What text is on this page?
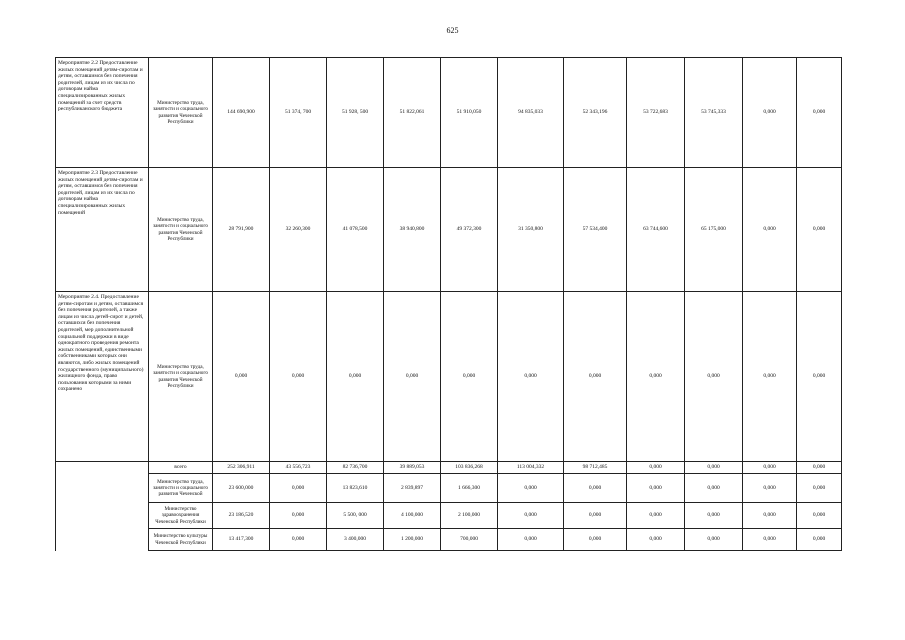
625
Мероприятие 2.2 Предоставление жилых помещений детям-сиротам и детям, оставшимся без попечения родителей, лицам из их числа по договорам найма специализированных жилых помещений за счет средств республиканского бюджета	Министерство труда, занятости и социального развития Чеченской Республики	144 690,900	51 374, 700	51 928, 500	51 822,061	51 910,050	94 835,033	52 343,196	53 722,683	53 745,333	0,000	0,000
Мероприятие 2.3 Предоставление жилых помещений детям-сиротам и детям, оставшимся без попечения родителей, лицам из их числа по договорам найма специализированных жилых помещений	Министерство труда, занятости и социального развития Чеченской Республики	28 791,900	32 260,300	41 078,500	38 940,800	49 372,300	31 350,800	57 534,400	63 744,600	65 175,000	0,000	0,000
Мероприятие 2.4. Предоставление детям-сиротам и детям, оставшимся без попечения родителей, а также лицам из числа детей-сирот и детей, оставшихся без попечения родителей, мер дополнительной социальной поддержки в виде однократного проведения ремонта жилых помещений, единственными собственниками которых они являются, либо жилых помещений государственного (муниципального) жилищного фонда, право пользования которыми за ними сохранено	Министерство труда, занятости и социального развития Чеченской Республики	0,000	0,000	0,000	0,000	0,000	0,000	0,000	0,000	0,000	0,000	0,000
	всего	252 306,911	43 556,723	82 736,700	39 889,053	103 836,268	113 004,332	98 712,485	0,000	0,000	0,000	0,000
	Министерство труда, занятости и социального развития Чеченской	23 600,000	0,000	13 823,610	2 839,897	1 666,300	0,000	0,000	0,000	0,000	0,000	0,000
	Министерство здравоохранения Чеченской Республики	23 186,520	0,000	5 500, 000	4 100,000	2 100,000	0,000	0,000	0,000	0,000	0,000	0,000
	Министерство культуры Чеченской Республики	13 417,300	0,000	3 400,000	1 200,000	700,000	0,000	0,000	0,000	0,000	0,000	0,000
